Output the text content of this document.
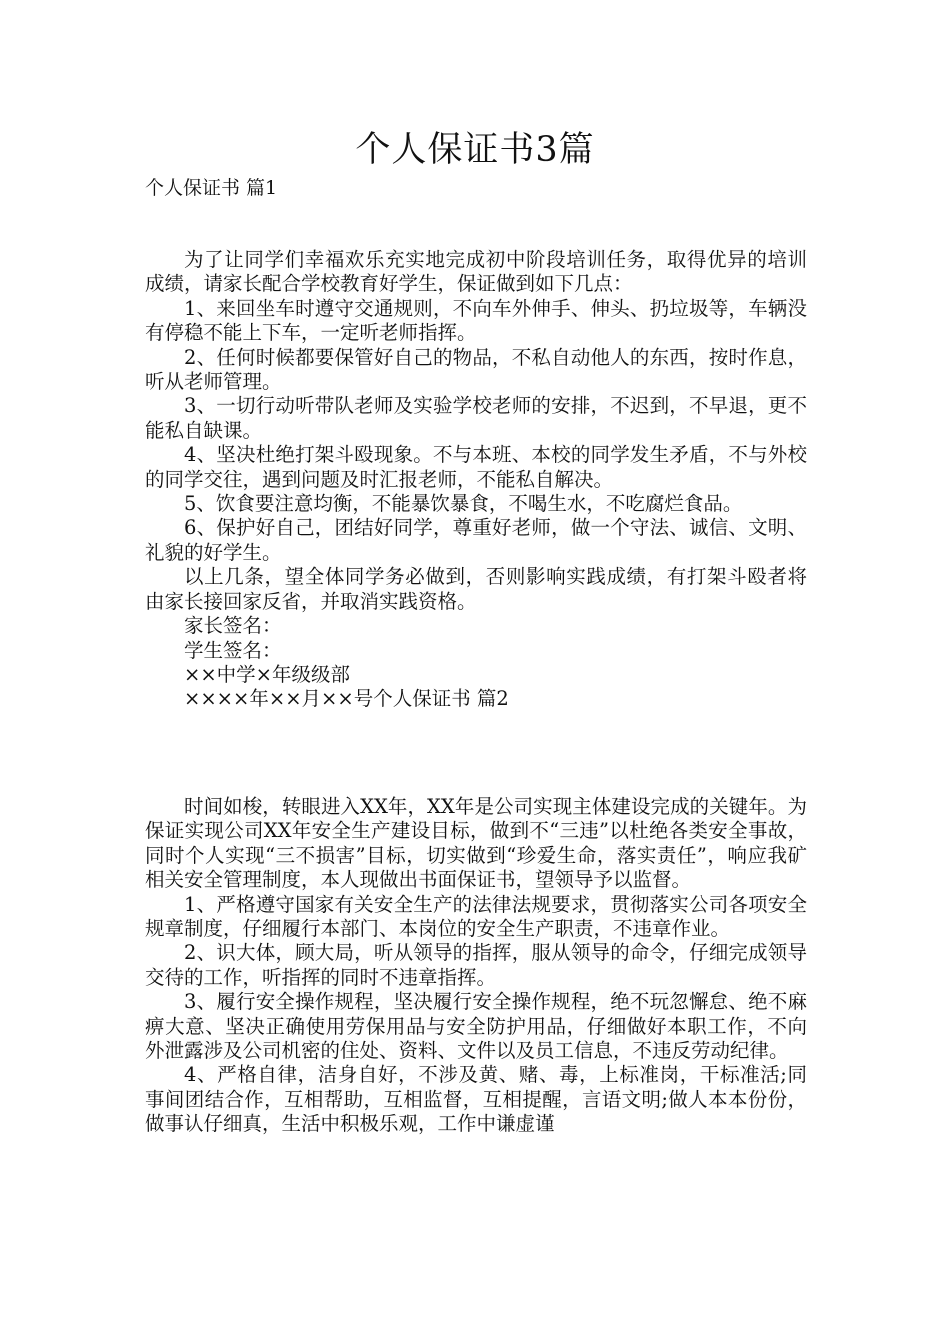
个人保证书3篇
个人保证书 篇1

为了让同学们幸福欢乐充实地完成初中阶段培训任务，取得优异的培训成绩，请家长配合学校教育好学生，保证做到如下几点：

1、来回坐车时遵守交通规则，不向车外伸手、伸头、扔垃圾等，车辆没有停稳不能上下车，一定听老师指挥。

2、任何时候都要保管好自己的物品，不私自动他人的东西，按时作息，听从老师管理。

3、一切行动听带队老师及实验学校老师的安排，不迟到，不早退，更不能私自缺课。

4、坚决杜绝打架斗殴现象。不与本班、本校的同学发生矛盾，不与外校的同学交往，遇到问题及时汇报老师，不能私自解决。

5、饮食要注意均衡，不能暴饮暴食，不喝生水，不吃腐烂食品。

6、保护好自己，团结好同学，尊重好老师，做一个守法、诚信、文明、礼貌的好学生。

以上几条，望全体同学务必做到，否则影响实践成绩，有打架斗殴者将由家长接回家反省，并取消实践资格。

家长签名：

学生签名：

××中学×年级级部

××××年××月××号个人保证书 篇2

时间如梭，转眼进入XX年，XX年是公司实现主体建设完成的关键年。为保证实现公司XX年安全生产建设目标，做到不“三违”以杜绝各类安全事故，同时个人实现“三不损害”目标，切实做到“珍爱生命，落实责任”，响应我矿相关安全管理制度，本人现做出书面保证书，望领导予以监督。

1、严格遵守国家有关安全生产的法律法规要求，贯彻落实公司各项安全规章制度，仔细履行本部门、本岗位的安全生产职责，不违章作业。

2、识大体，顾大局，听从领导的指挥，服从领导的命令，仔细完成领导交待的工作，听指挥的同时不违章指挥。

3、履行安全操作规程，坚决履行安全操作规程，绝不玩忽懈怠、绝不麻痹大意、坚决正确使用劳保用品与安全防护用品，仔细做好本职工作，不向外泄露涉及公司机密的住处、资料、文件以及员工信息，不违反劳动纪律。

4、严格自律，洁身自好，不涉及黄、赌、毒，上标准岗，干标准活;同事间团结合作，互相帮助，互相监督，互相提醒，言语文明;做人本本份份，做事认仔细真，生活中积极乐观，工作中谦虚谨
